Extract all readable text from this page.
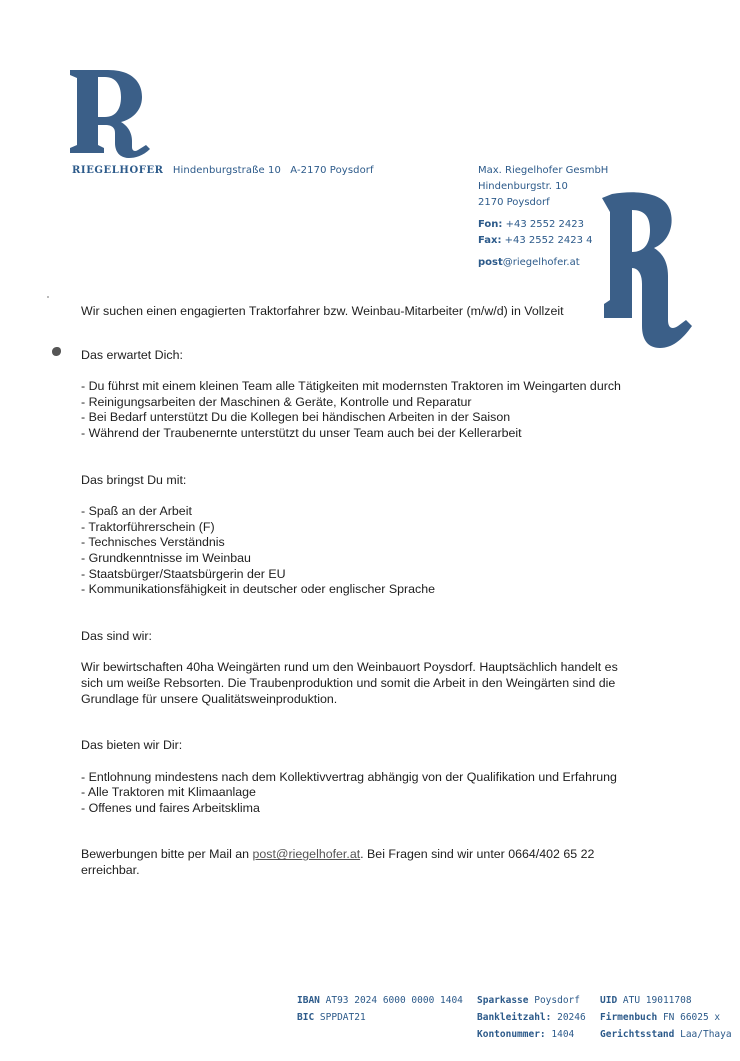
RIEGELHOFER Hindenburgstraße 10 A-2170 Poysdorf	Max. Riegelhofer GesmbH
Hindenburgstr. 10
2170 Poysdorf
Fon: +43 2552 2423
Fax: +43 2552 2423 4
post@riegelhofer.at

Wir suchen einen engagierten Traktorfahrer bzw. Weinbau-Mitarbeiter (m/w/d) in Vollzeit

Das erwartet Dich:

- Du führst mit einem kleinen Team alle Tätigkeiten mit modernsten Traktoren im Weingarten durch
- Reinigungsarbeiten der Maschinen & Geräte, Kontrolle und Reparatur
- Bei Bedarf unterstützt Du die Kollegen bei händischen Arbeiten in der Saison
- Während der Traubenernte unterstützt du unser Team auch bei der Kellerarbeit

Das bringst Du mit:

- Spaß an der Arbeit
- Traktorführerschein (F)
- Technisches Verständnis
- Grundkenntnisse im Weinbau
- Staatsbürger/Staatsbürgerin der EU
- Kommunikationsfähigkeit in deutscher oder englischer Sprache

Das sind wir:

Wir bewirtschaften 40ha Weingärten rund um den Weinbauort Poysdorf. Hauptsächlich handelt es sich um weiße Rebsorten. Die Traubenproduktion und somit die Arbeit in den Weingärten sind die Grundlage für unsere Qualitätsweinproduktion.

Das bieten wir Dir:

- Entlohnung mindestens nach dem Kollektivvertrag abhängig von der Qualifikation und Erfahrung
- Alle Traktoren mit Klimaanlage
- Offenes und faires Arbeitsklima

Bewerbungen bitte per Mail an post@riegelhofer.at. Bei Fragen sind wir unter 0664/402 65 22 erreichbar.

IBAN AT93 2024 6000 0000 1404
BIC SPPDAT21
Sparkasse Poysdorf
Bankleitzahl: 20246
Kontonummer: 1404
UID ATU 19011708
Firmenbuch FN 66025 x
Gerichtsstand Laa/Thaya
